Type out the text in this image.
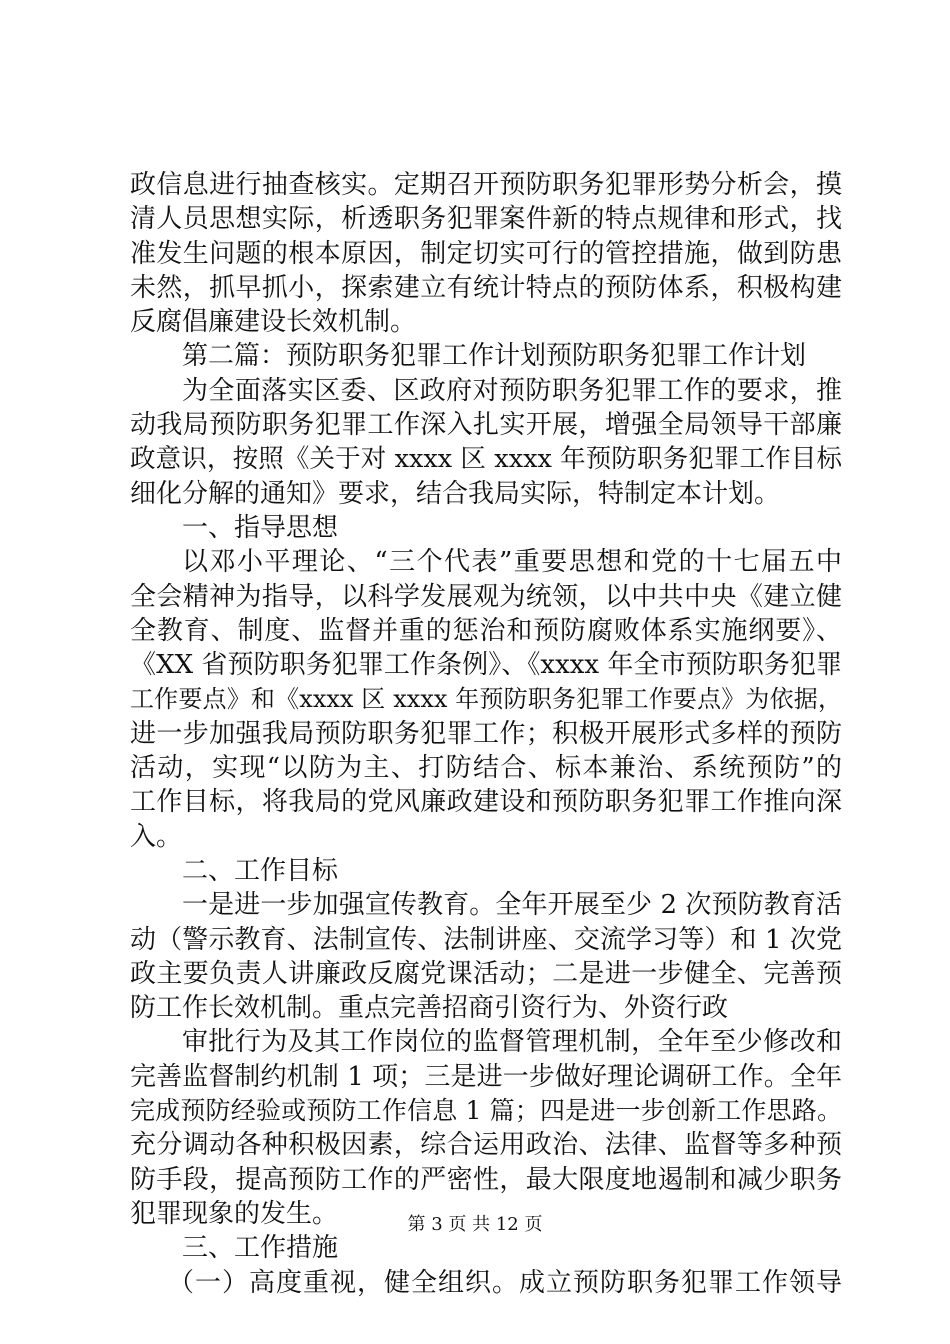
政信息进行抽查核实。定期召开预防职务犯罪形势分析会，摸
清人员思想实际，析透职务犯罪案件新的特点规律和形式，找
准发生问题的根本原因，制定切实可行的管控措施，做到防患
未然，抓早抓小，探索建立有统计特点的预防体系，积极构建
反腐倡廉建设长效机制。
第二篇：预防职务犯罪工作计划预防职务犯罪工作计划
为全面落实区委、区政府对预防职务犯罪工作的要求，推
动我局预防职务犯罪工作深入扎实开展，增强全局领导干部廉
政意识，按照《关于对 xxxx 区 xxxx 年预防职务犯罪工作目标
细化分解的通知》要求，结合我局实际，特制定本计划。
一、指导思想
以邓小平理论、“三个代表”重要思想和党的十七届五中
全会精神为指导，以科学发展观为统领，以中共中央《建立健
全教育、制度、监督并重的惩治和预防腐败体系实施纲要》、
《XX 省预防职务犯罪工作条例》、《xxxx 年全市预防职务犯罪
工作要点》和《xxxx 区 xxxx 年预防职务犯罪工作要点》为依据，
进一步加强我局预防职务犯罪工作；积极开展形式多样的预防
活动，实现“以防为主、打防结合、标本兼治、系统预防”的
工作目标，将我局的党风廉政建设和预防职务犯罪工作推向深
入。
二、工作目标
一是进一步加强宣传教育。全年开展至少 2 次预防教育活
动（警示教育、法制宣传、法制讲座、交流学习等）和 1 次党
政主要负责人讲廉政反腐党课活动；二是进一步健全、完善预
防工作长效机制。重点完善招商引资行为、外资行政
审批行为及其工作岗位的监督管理机制，全年至少修改和
完善监督制约机制 1 项；三是进一步做好理论调研工作。全年
完成预防经验或预防工作信息 1 篇；四是进一步创新工作思路。
充分调动各种积极因素，综合运用政治、法律、监督等多种预
防手段，提高预防工作的严密性，最大限度地遏制和减少职务
犯罪现象的发生。
三、工作措施
（一）高度重视，健全组织。成立预防职务犯罪工作领导
第 3 页 共 12 页
